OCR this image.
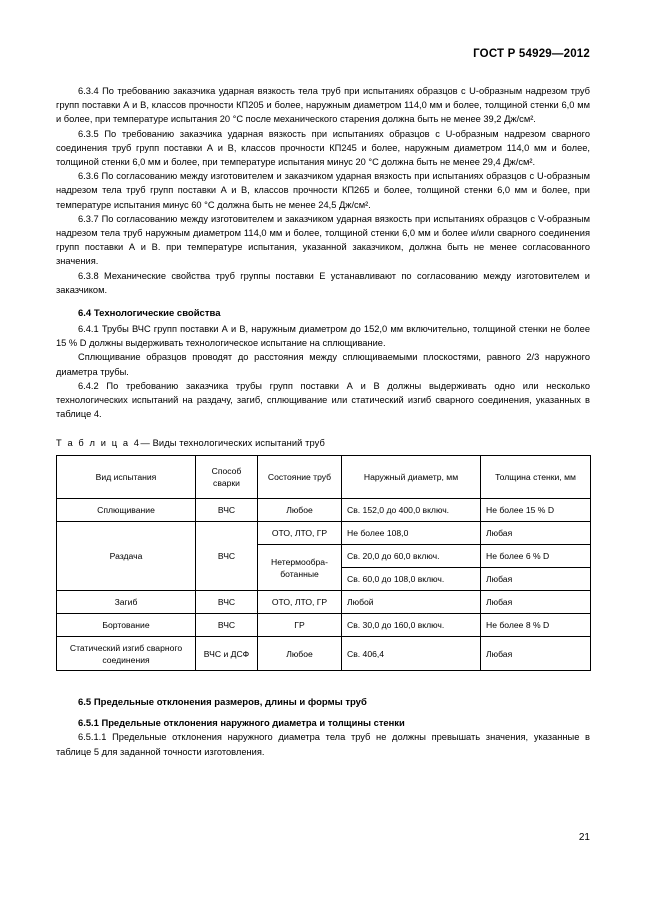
ГОСТ Р 54929—2012

6.3.4 По требованию заказчика ударная вязкость тела труб при испытаниях образцов с U-образным надрезом труб групп поставки А и В, классов прочности КП205 и более, наружным диаметром 114,0 мм и более, толщиной стенки 6,0 мм и более, при температуре испытания 20 °С после механического старения должна быть не менее 39,2 Дж/см².

6.3.5 По требованию заказчика ударная вязкость при испытаниях образцов с U-образным надрезом сварного соединения труб групп поставки А и В, классов прочности КП245 и более, наружным диаметром 114,0 мм и более, толщиной стенки 6,0 мм и более, при температуре испытания минус 20 °С должна быть не менее 29,4 Дж/см².

6.3.6 По согласованию между изготовителем и заказчиком ударная вязкость при испытаниях образцов с U-образным надрезом тела труб групп поставки А и В, классов прочности КП265 и более, толщиной стенки 6,0 мм и более, при температуре испытания минус 60 °С должна быть не менее 24,5 Дж/см².

6.3.7 По согласованию между изготовителем и заказчиком ударная вязкость при испытаниях образцов с V-образным надрезом тела труб наружным диаметром 114,0 мм и более, толщиной стенки 6,0 мм и более и/или сварного соединения групп поставки А и В. при температуре испытания, указанной заказчиком, должна быть не менее согласованного значения.

6.3.8 Механические свойства труб группы поставки Е устанавливают по согласованию между изготовителем и заказчиком.

6.4 Технологические свойства

6.4.1 Трубы ВЧС групп поставки А и В, наружным диаметром до 152,0 мм включительно, толщиной стенки не более 15 % D должны выдерживать технологическое испытание на сплющивание.

Сплющивание образцов проводят до расстояния между сплющиваемыми плоскостями, равного 2/3 наружного диаметра трубы.

6.4.2 По требованию заказчика трубы групп поставки А и В должны выдерживать одно или несколько технологических испытаний на раздачу, загиб, сплющивание или статический изгиб сварного соединения, указанных в таблице 4.

Т а б л и ц а 4— Виды технологических испытаний труб
Вид испытания	Способ сварки	Состояние труб	Наружный диаметр, мм	Толщина стенки, мм
Сплющивание	ВЧС	Любое	Св. 152,0 до 400,0 включ.	Не более 15 % D
Раздача	ВЧС	ОТО, ЛТО, ГР	Не более 108,0	Любая
		Нетермообра-ботанные	Св. 20,0 до 60,0 включ.	Не более 6 % D
			Св. 60,0 до 108,0 включ.	Любая
Загиб	ВЧС	ОТО, ЛТО, ГР	Любой	Любая
Бортование	ВЧС	ГР	Св. 30,0 до 160,0 включ.	Не более 8 % D
Статический изгиб сварного соединения	ВЧС и ДСФ	Любое	Св. 406,4	Любая
6.5 Предельные отклонения размеров, длины и формы труб
6.5.1 Предельные отклонения наружного диаметра и толщины стенки

6.5.1.1 Предельные отклонения наружного диаметра тела труб не должны превышать значения, указанные в таблице 5 для заданной точности изготовления.

21
